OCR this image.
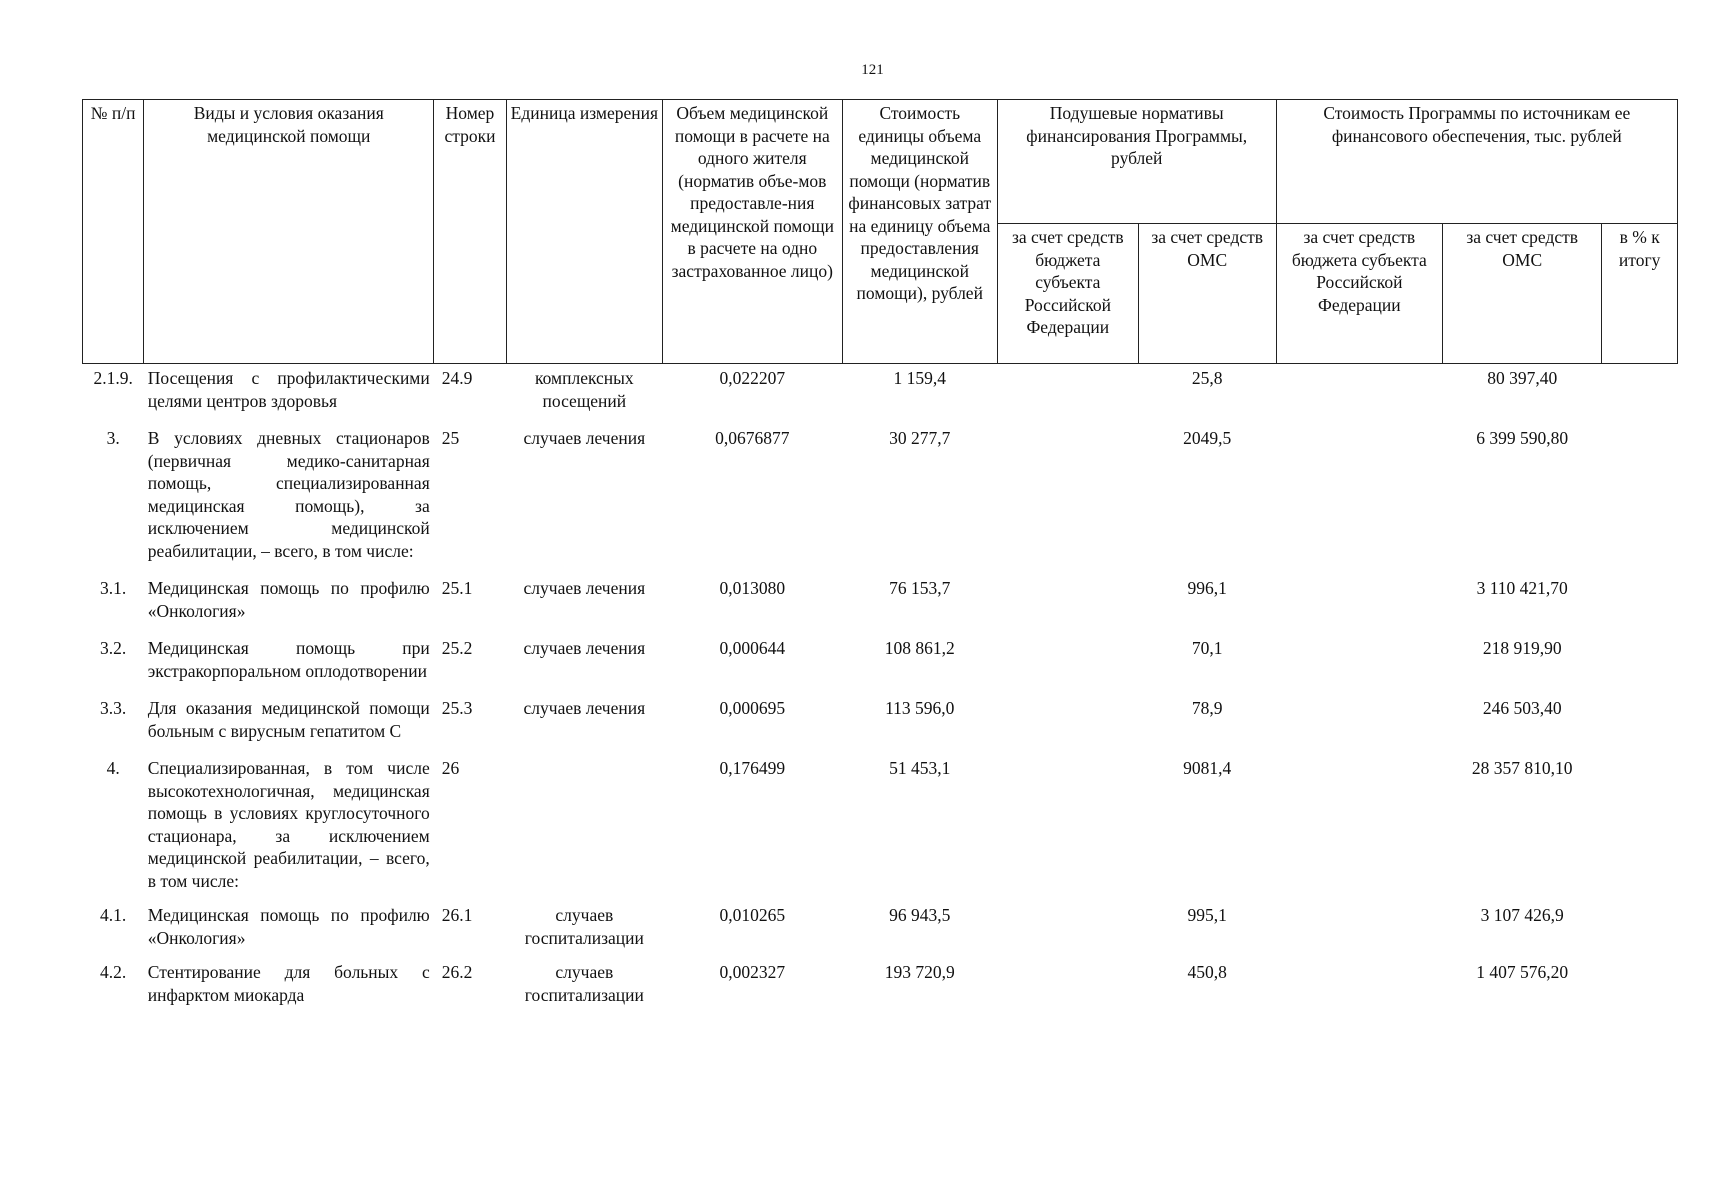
121
№ п/п	Виды и условия оказания медицинской помощи	Номер строки	Единица измерения	Объем медицинской помощи в расчете на одного жителя (норматив объе-мов предоставле-ния медицинской помощи в расчете на одно застрахованное лицо)	Стоимость единицы объема медицинской помощи (норматив финансовых затрат на единицу объема предоставления медицинской помощи), рублей	Подушевые нормативы финансирования Программы, рублей		Стоимость Программы по источникам ее финансового обеспечения, тыс. рублей		
						за счет средств бюджета субъекта Российской Федерации	за счет средств ОМС	за счет средств бюджета субъекта Российской Федерации	за счет средств ОМС	в % к итогу
2.1.9.	Посещения с профилактическими целями центров здоровья	24.9	комплексных посещений	0,022207	1 159,4		25,8		80 397,40	
3.	В условиях дневных стационаров (первичная медико-санитарная помощь, специализированная медицинская помощь), за исключением медицинской реабилитации, – всего, в том числе:	25	случаев лечения	0,0676877	30 277,7		2049,5		6 399 590,80	
3.1.	Медицинская помощь по профилю «Онкология»	25.1	случаев лечения	0,013080	76 153,7		996,1		3 110 421,70	
3.2.	Медицинская помощь при экстракорпоральном оплодотворении	25.2	случаев лечения	0,000644	108 861,2		70,1		218 919,90	
3.3.	Для оказания медицинской помощи больным с вирусным гепатитом С	25.3	случаев лечения	0,000695	113 596,0		78,9		246 503,40	
4.	Специализированная, в том числе высокотехнологичная, медицинская помощь в условиях круглосуточного стационара, за исключением медицинской реабилитации, – всего, в том числе:	26		0,176499	51 453,1		9081,4		28 357 810,10	
4.1.	Медицинская помощь по профилю «Онкология»	26.1	случаев госпитализации	0,010265	96 943,5		995,1		3 107 426,9	
4.2.	Стентирование для больных с инфарктом миокарда	26.2	случаев госпитализации	0,002327	193 720,9		450,8		1 407 576,20	
